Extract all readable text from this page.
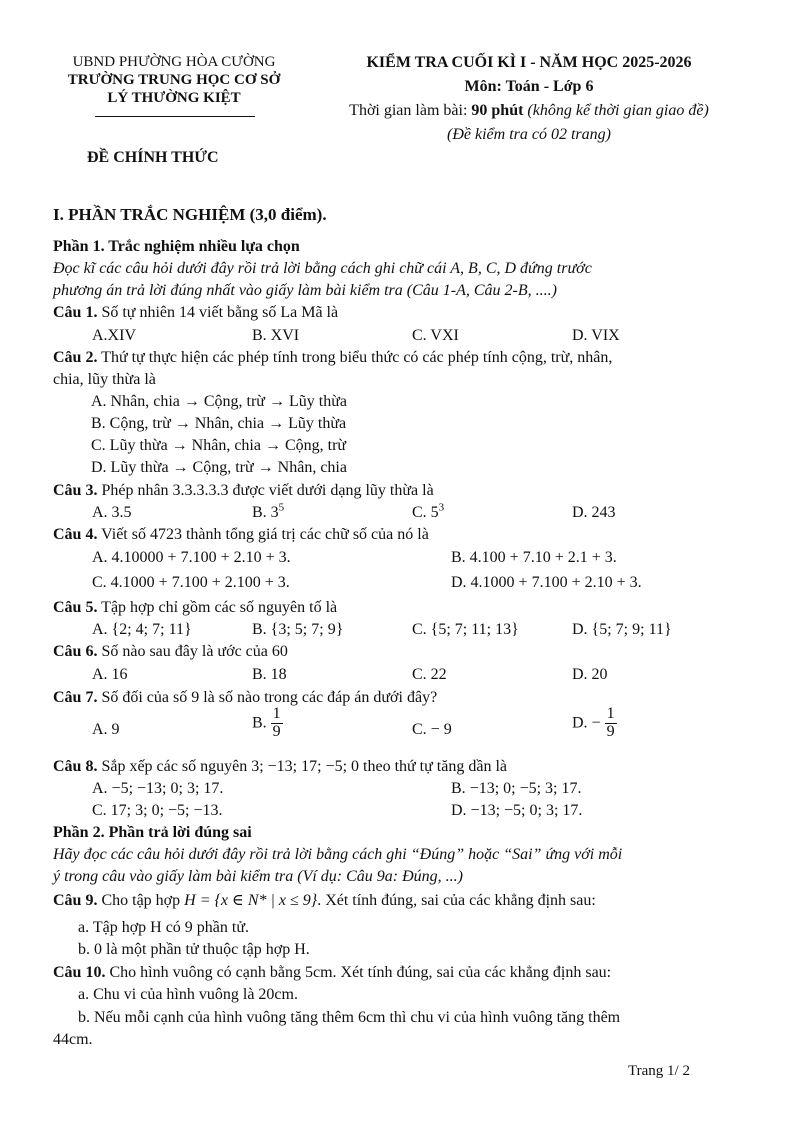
UBND PHƯỜNG HÒA CƯỜNG
TRƯỜNG TRUNG HỌC CƠ SỞ
LÝ THƯỜNG KIỆT
ĐỀ CHÍNH THỨC
KIỂM TRA CUỐI KÌ I - NĂM HỌC 2025-2026
Môn: Toán - Lớp 6
Thời gian làm bài: 90 phút (không kể thời gian giao đề)
(Đề kiểm tra có 02 trang)
I. PHẦN TRẮC NGHIỆM (3,0 điểm).
Phần 1. Trắc nghiệm nhiều lựa chọn
Đọc kĩ các câu hỏi dưới đây rồi trả lời bằng cách ghi chữ cái A, B, C, D đứng trước
phương án trả lời đúng nhất vào giấy làm bài kiểm tra (Câu 1-A, Câu 2-B, ....)
Câu 1. Số tự nhiên 14 viết bằng số La Mã là
A.XIV	B. XVI	C. VXI	D. VIX
Câu 2. Thứ tự thực hiện các phép tính trong biểu thức có các phép tính cộng, trừ, nhân,
chia, lũy thừa là
A. Nhân, chia → Cộng, trừ → Lũy thừa
B. Cộng, trừ → Nhân, chia → Lũy thừa
C. Lũy thừa → Nhân, chia → Cộng, trừ
D. Lũy thừa → Cộng, trừ → Nhân, chia
Câu 3. Phép nhân 3.3.3.3.3 được viết dưới dạng lũy thừa là
A. 3.5	B. $3^5$	C. $5^3$	D. 243
Câu 4. Viết số 4723 thành tổng giá trị các chữ số của nó là
A. 4.10000 + 7.100 + 2.10 + 3.	B. 4.100 + 7.10 + 2.1 + 3.
C. 4.1000 + 7.100 + 2.100 + 3.	D. 4.1000 + 7.100 + 2.10 + 3.
Câu 5. Tập hợp chỉ gồm các số nguyên tố là
A. {2; 4; 7; 11}	B. {3; 5; 7; 9}	C. {5; 7; 11; 13}	D. {5; 7; 9; 11}
Câu 6. Số nào sau đây là ước của 60
A. 16	B. 18	C. 22	D. 20
Câu 7. Số đối của số 9 là số nào trong các đáp án dưới đây?
A. 9	B. $\frac{1}{9}$	C. − 9	D. − $\frac{1}{9}$
Câu 8. Sắp xếp các số nguyên 3; −13; 17; −5; 0 theo thứ tự tăng dần là
A. −5; −13; 0; 3; 17.	B. −13; 0; −5; 3; 17.
C. 17; 3; 0; −5; −13.	D. −13; −5; 0; 3; 17.
Phần 2. Phần trả lời đúng sai
Hãy đọc các câu hỏi dưới đây rồi trả lời bằng cách ghi “Đúng” hoặc “Sai” ứng với mỗi
ý trong câu vào giấy làm bài kiểm tra (Ví dụ: Câu 9a: Đúng, ...)
Câu 9. Cho tập hợp H = {x ∈ N* | x ≤ 9}. Xét tính đúng, sai của các khẳng định sau:
a. Tập hợp H có 9 phần tử.
b. 0 là một phần tử thuộc tập hợp H.
Câu 10. Cho hình vuông có cạnh bằng 5cm. Xét tính đúng, sai của các khẳng định sau:
a. Chu vi của hình vuông là 20cm.
b. Nếu mỗi cạnh của hình vuông tăng thêm 6cm thì chu vi của hình vuông tăng thêm
44cm.
Trang 1/ 2
